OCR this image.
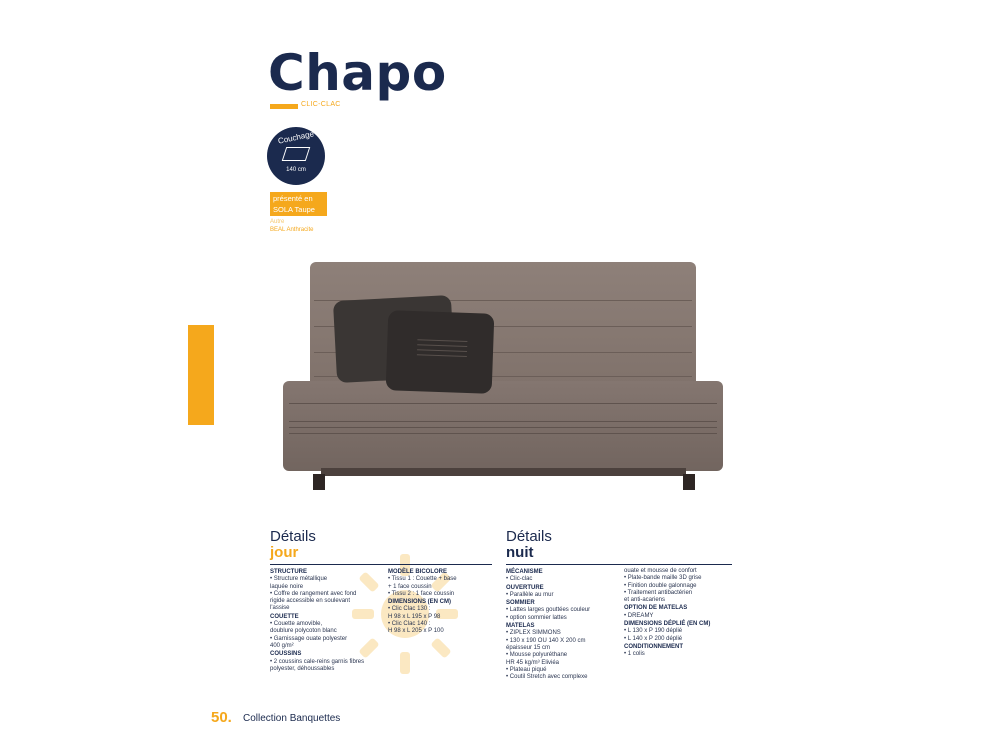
Chapo
CLIC-CLAC
Couchage
140 cm
présenté en
SOLA Taupe
Autre
BEAL Anthracite
Détails
jour
STRUCTURE
• Structure métallique
laquée noire
• Coffre de rangement avec fond
rigide accessible en soulevant
l'assise
COUETTE
• Couette amovible,
doublure polycoton blanc
• Garnissage ouate polyester
400 g/m²
COUSSINS
• 2 coussins cale-reins garnis fibres
polyester, déhoussables
MODÈLE BICOLORE
• Tissu 1 : Couette + base
+ 1 face coussin
• Tissu 2 : 1 face coussin
DIMENSIONS (EN CM)
• Clic Clac 130 :
H 98 x L 195 x P 98
• Clic Clac 140 :
H 98 x L 205 x P 100
Détails
nuit
MÉCANISME
• Clic-clac
OUVERTURE
• Parallèle au mur
SOMMIER
• Lattes larges gouttées couleur
• option sommier lattes
MATELAS
• ZIPLEX SIMMONS
• 130 x 190 OU 140 X 200 cm
épaisseur 15 cm
• Mousse polyuréthane
HR 45 kg/m³ Eliviéa
• Plateau piqué
• Coutil Stretch avec complexe
ouate et mousse de confort
• Plate-bande maille 3D grise
• Finition double galonnage
• Traitement antibactérien
et anti-acariens
OPTION DE MATELAS
• DREAMY
DIMENSIONS DÉPLIÉ (EN CM)
• L 130 x P 190 déplié
• L 140 x P 200 déplié
CONDITIONNEMENT
• 1 colis
50. Collection Banquettes
